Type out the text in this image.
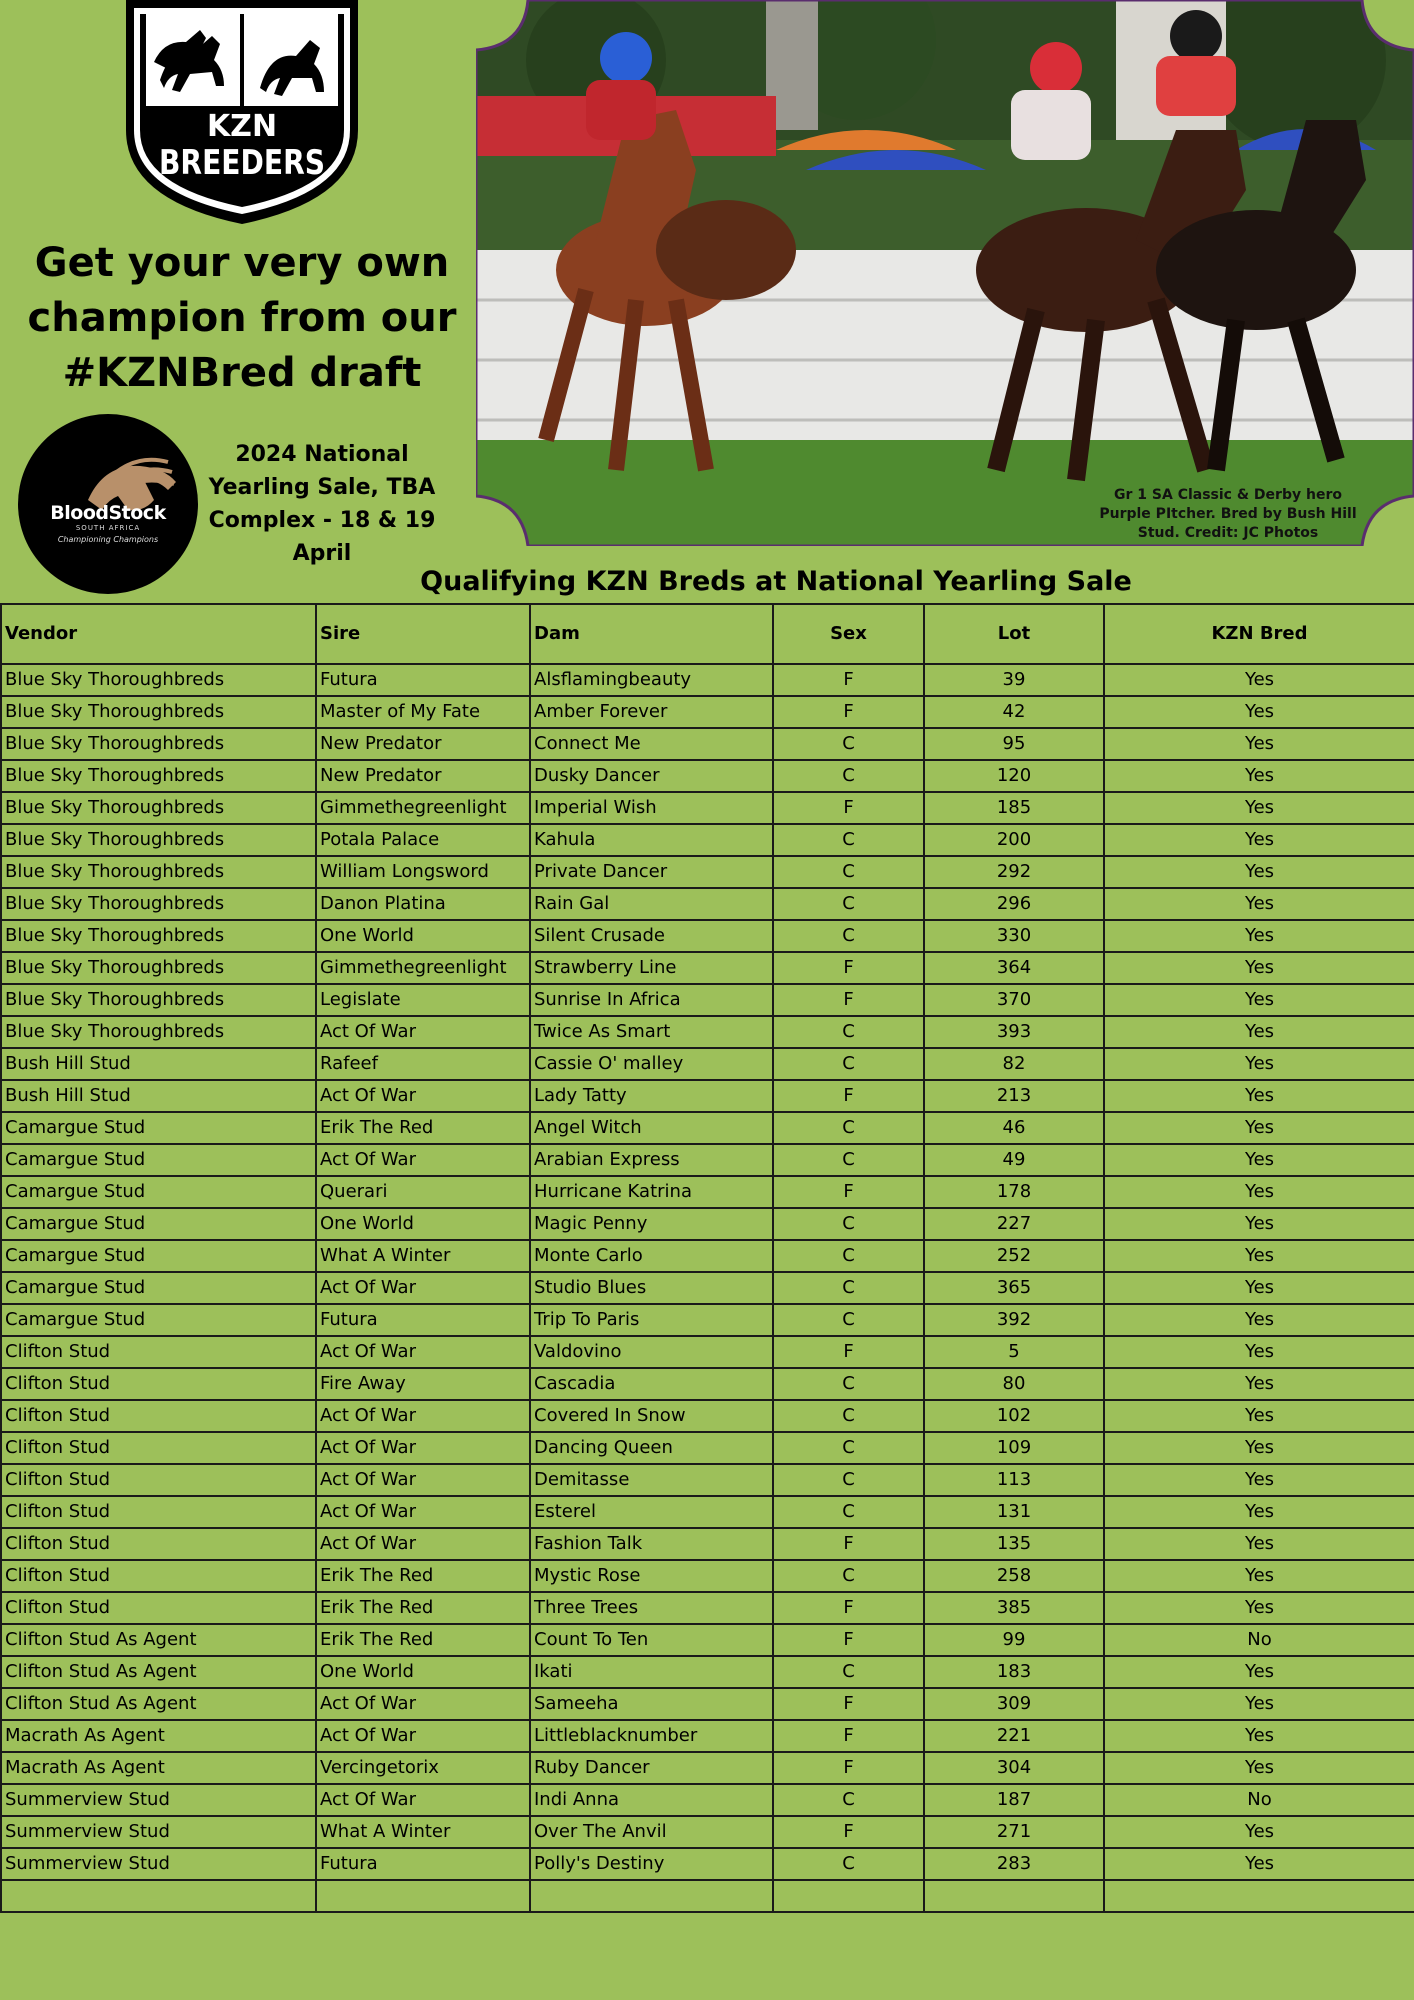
KZN
BREEDERS
Get your very own
champion from our
#KZNBred draft
BloodStock
SOUTH AFRICA
Championing Champions
2024 National
Yearling Sale, TBA
Complex - 18 & 19
April
Gr 1 SA Classic & Derby hero
Purple PItcher. Bred by Bush Hill
Stud. Credit: JC Photos
Qualifying KZN Breds at National Yearling Sale
Vendor	Sire	Dam	Sex	Lot	KZN Bred
Blue Sky Thoroughbreds	Futura	Alsflamingbeauty	F	39	Yes
Blue Sky Thoroughbreds	Master of My Fate	Amber Forever	F	42	Yes
Blue Sky Thoroughbreds	New Predator	Connect Me	C	95	Yes
Blue Sky Thoroughbreds	New Predator	Dusky Dancer	C	120	Yes
Blue Sky Thoroughbreds	Gimmethegreenlight	Imperial Wish	F	185	Yes
Blue Sky Thoroughbreds	Potala Palace	Kahula	C	200	Yes
Blue Sky Thoroughbreds	William Longsword	Private Dancer	C	292	Yes
Blue Sky Thoroughbreds	Danon Platina	Rain Gal	C	296	Yes
Blue Sky Thoroughbreds	One World	Silent Crusade	C	330	Yes
Blue Sky Thoroughbreds	Gimmethegreenlight	Strawberry Line	F	364	Yes
Blue Sky Thoroughbreds	Legislate	Sunrise In Africa	F	370	Yes
Blue Sky Thoroughbreds	Act Of War	Twice As Smart	C	393	Yes
Bush Hill Stud	Rafeef	Cassie O' malley	C	82	Yes
Bush Hill Stud	Act Of War	Lady Tatty	F	213	Yes
Camargue Stud	Erik The Red	Angel Witch	C	46	Yes
Camargue Stud	Act Of War	Arabian Express	C	49	Yes
Camargue Stud	Querari	Hurricane Katrina	F	178	Yes
Camargue Stud	One World	Magic Penny	C	227	Yes
Camargue Stud	What A Winter	Monte Carlo	C	252	Yes
Camargue Stud	Act Of War	Studio Blues	C	365	Yes
Camargue Stud	Futura	Trip To Paris	C	392	Yes
Clifton Stud	Act Of War	Valdovino	F	5	Yes
Clifton Stud	Fire Away	Cascadia	C	80	Yes
Clifton Stud	Act Of War	Covered In Snow	C	102	Yes
Clifton Stud	Act Of War	Dancing Queen	C	109	Yes
Clifton Stud	Act Of War	Demitasse	C	113	Yes
Clifton Stud	Act Of War	Esterel	C	131	Yes
Clifton Stud	Act Of War	Fashion Talk	F	135	Yes
Clifton Stud	Erik The Red	Mystic Rose	C	258	Yes
Clifton Stud	Erik The Red	Three Trees	F	385	Yes
Clifton Stud As Agent	Erik The Red	Count To Ten	F	99	No
Clifton Stud As Agent	One World	Ikati	C	183	Yes
Clifton Stud As Agent	Act Of War	Sameeha	F	309	Yes
Macrath As Agent	Act Of War	Littleblacknumber	F	221	Yes
Macrath As Agent	Vercingetorix	Ruby Dancer	F	304	Yes
Summerview Stud	Act Of War	Indi Anna	C	187	No
Summerview Stud	What A Winter	Over The Anvil	F	271	Yes
Summerview Stud	Futura	Polly's Destiny	C	283	Yes
